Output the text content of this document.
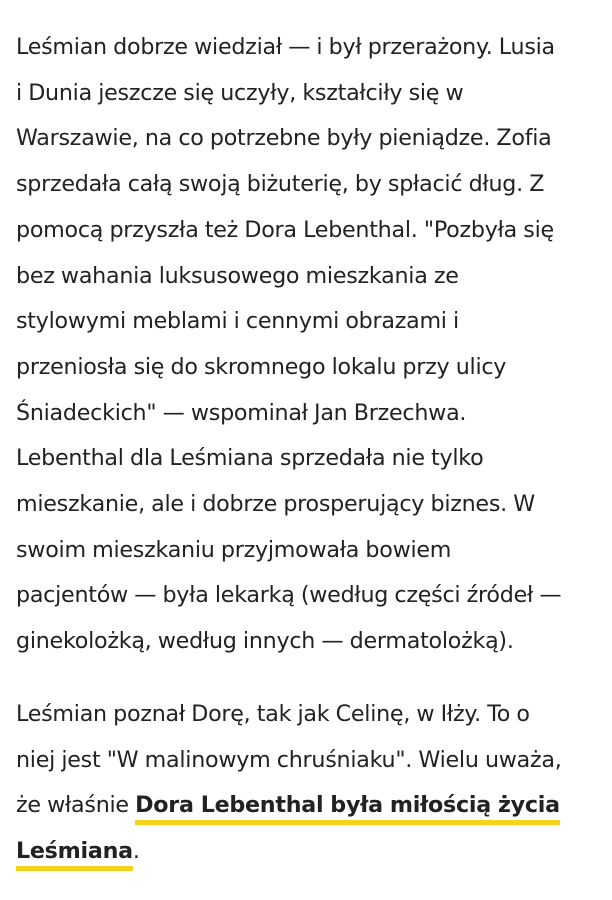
Leśmian dobrze wiedział — i był przerażony. Lusia
i Dunia jeszcze się uczyły, kształciły się w
Warszawie, na co potrzebne były pieniądze. Zofia
sprzedała całą swoją biżuterię, by spłacić dług. Z
pomocą przyszła też Dora Lebenthal. "Pozbyła się
bez wahania luksusowego mieszkania ze
stylowymi meblami i cennymi obrazami i
przeniosła się do skromnego lokalu przy ulicy
Śniadeckich" — wspominał Jan Brzechwa.
Lebenthal dla Leśmiana sprzedała nie tylko
mieszkanie, ale i dobrze prosperujący biznes. W
swoim mieszkaniu przyjmowała bowiem
pacjentów — była lekarką (według części źródeł —
ginekolożką, według innych — dermatolożką).

Leśmian poznał Dorę, tak jak Celinę, w Iłży. To o
niej jest "W malinowym chruśniaku". Wielu uważa,
że właśnie Dora Lebenthal była miłością życia
Leśmiana.
